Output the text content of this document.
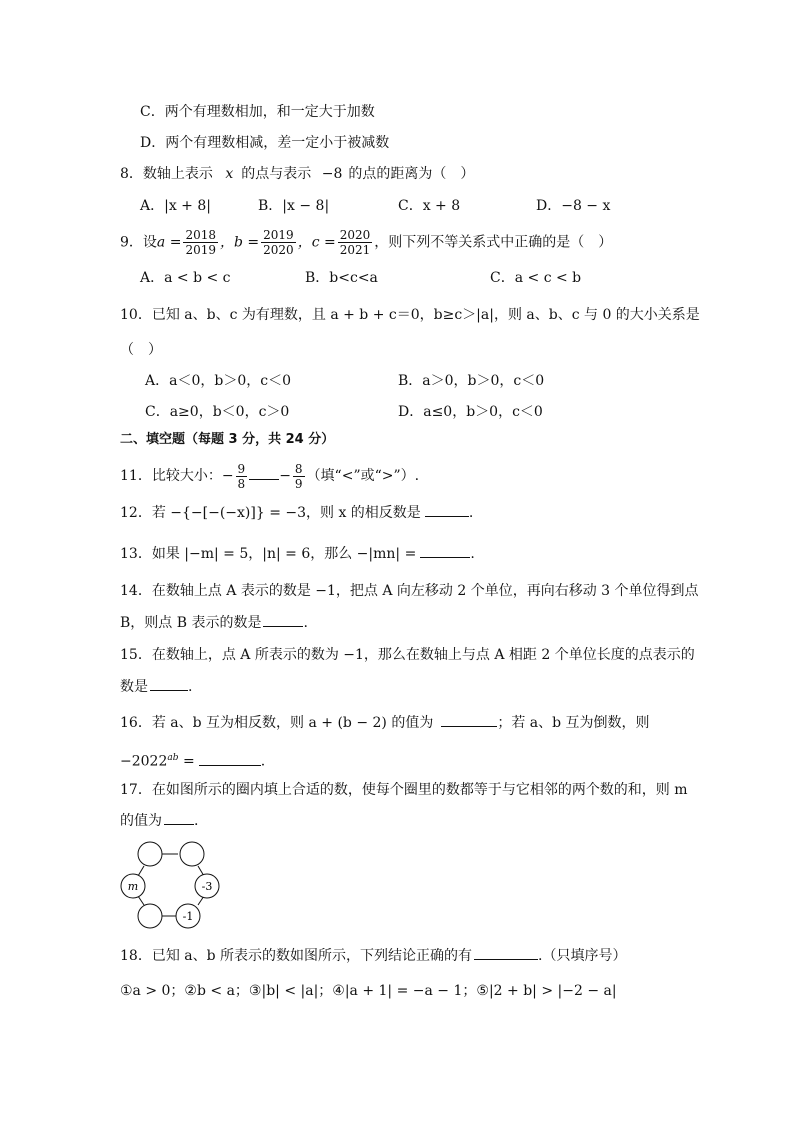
C．两个有理数相加，和一定大于加数
D．两个有理数相减，差一定小于被减数
8．数轴上表示 x 的点与表示 −8 的点的距离为（　）
A．|x + 8|	B．|x − 8|	C．x + 8	D．−8 − x
9．设$a = \frac{2018}{2019}$ ，$b = \frac{2019}{2020}$ ，$c = \frac{2020}{2021}$ ，则下列不等关系式中正确的是（　）
A．a < b < c	B．b<c<a	C．a < c < b
10．已知 a、b、c 为有理数，且 a + b + c＝0，b≥c＞|a|，则 a、b、c 与 0 的大小关系是
（　）
A．a＜0，b＞0，c＜0	B．a＞0，b＞0，c＜0
C．a≥0，b＜0，c＞0	D．a≤0，b＞0，c＜0
二、填空题（每题 3 分，共 24 分）
11．比较大小：− $\frac{9}{8} - \frac{8}{9}$ （填“<”或“>”）.
12．若 −{−[−(−x)]} = −3，则 x 的相反数是	.
13．如果 |−m| = 5，|n| = 6，那么 −|mn| =	.
14．在数轴上点 A 表示的数是 −1，把点 A 向左移动 2 个单位，再向右移动 3 个单位得到点
B，则点 B 表示的数是	.
15．在数轴上，点 A 所表示的数为 −1，那么在数轴上与点 A 相距 2 个单位长度的点表示的
数是	.
16．若 a、b 互为相反数，则 a + (b − 2) 的值为	；若 a、b 互为倒数，则
$-2022^{ab}$ =	.
17．在如图所示的圈内填上合适的数，使每个圈里的数都等于与它相邻的两个数的和，则 m
的值为 .
m	-3
-1
18．已知 a、b 所表示的数如图所示，下列结论正确的有	.（只填序号）
①a > 0；②b < a；③|b| < |a|；④|a + 1| = −a − 1；⑤|2 + b| > |−2 − a|
